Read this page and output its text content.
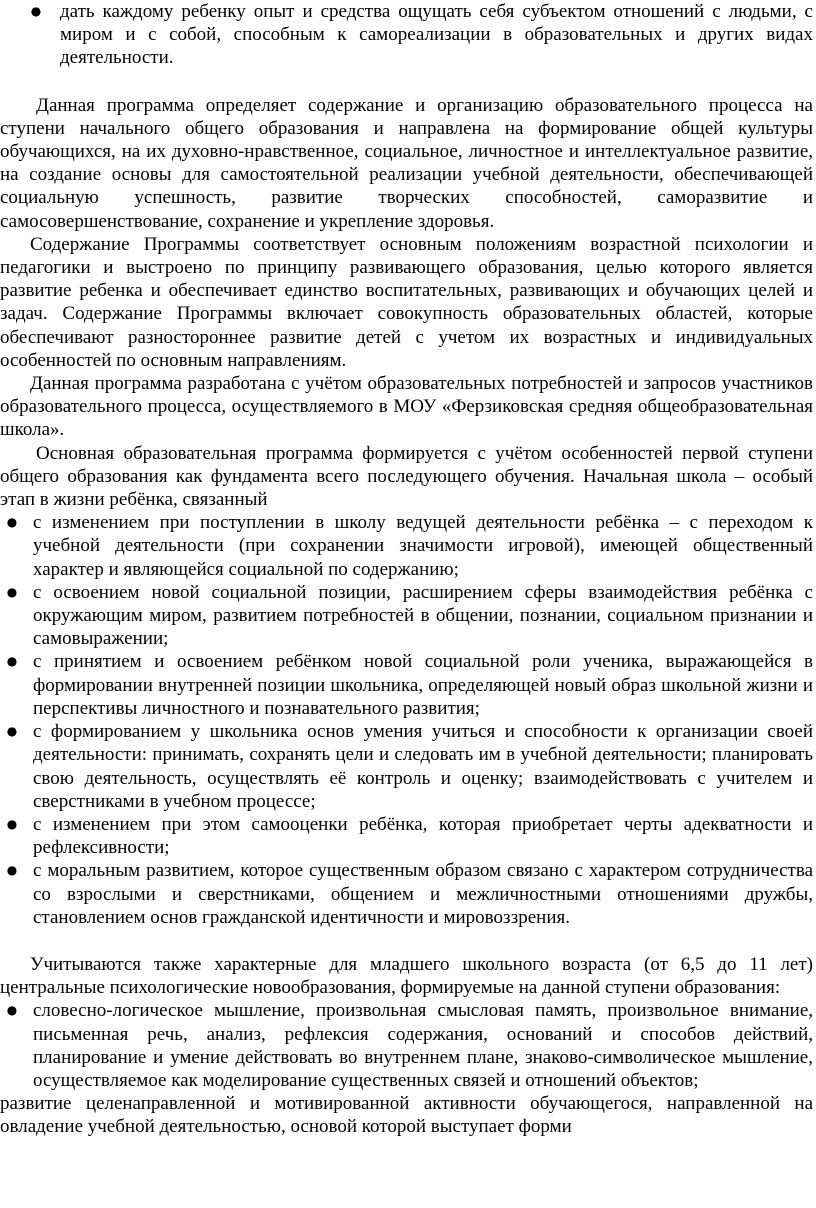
● дать каждому ребенку опыт и средства ощущать себя субъектом отношений с людьми, с миром и с собой, способным к самореализации в образовательных и других видах деятельности.

Данная программа определяет содержание и организацию образовательного процесса на ступени начального общего образования и направлена на формирование общей культуры обучающихся, на их духовно-нравственное, социальное, личностное и интеллектуальное развитие, на создание основы для самостоятельной реализации учебной деятельности, обеспечивающей социальную успешность, развитие творческих способностей, саморазвитие и самосовершенствование, сохранение и укрепление здоровья.

Содержание Программы соответствует основным положениям возрастной психологии и педагогики и выстроено по принципу развивающего образования, целью которого является развитие ребенка и обеспечивает единство воспитательных, развивающих и обучающих целей и задач. Содержание Программы включает совокупность образовательных областей, которые обеспечивают разностороннее развитие детей с учетом их возрастных и индивидуальных особенностей по основным направлениям.

Данная программа разработана с учётом образовательных потребностей и запросов участников образовательного процесса, осуществляемого в МОУ «Ферзиковская средняя общеобразовательная школа».

Основная образовательная программа формируется с учётом особенностей первой ступени общего образования как фундамента всего последующего обучения. Начальная школа – особый этап в жизни ребёнка, связанный

● с изменением при поступлении в школу ведущей деятельности ребёнка – с переходом к учебной деятельности (при сохранении значимости игровой), имеющей общественный характер и являющейся социальной по содержанию;
● с освоением новой социальной позиции, расширением сферы взаимодействия ребёнка с окружающим миром, развитием потребностей в общении, познании, социальном признании и самовыражении;
● с принятием и освоением ребёнком новой социальной роли ученика, выражающейся в формировании внутренней позиции школьника, определяющей новый образ школьной жизни и перспективы личностного и познавательного развития;
● с формированием у школьника основ умения учиться и способности к организации своей деятельности: принимать, сохранять цели и следовать им в учебной деятельности; планировать свою деятельность, осуществлять её контроль и оценку; взаимодействовать с учителем и сверстниками в учебном процессе;
● с изменением при этом самооценки ребёнка, которая приобретает черты адекватности и рефлексивности;
● с моральным развитием, которое существенным образом связано с характером сотрудничества со взрослыми и сверстниками, общением и межличностными отношениями дружбы, становлением основ гражданской идентичности и мировоззрения.

Учитываются также характерные для младшего школьного возраста (от 6,5 до 11 лет) центральные психологические новообразования, формируемые на данной ступени образования:

● словесно-логическое мышление, произвольная смысловая память, произвольное внимание, письменная речь, анализ, рефлексия содержания, оснований и способов действий, планирование и умение действовать во внутреннем плане, знаково-символическое мышление, осуществляемое как моделирование существенных связей и отношений объектов;

развитие целенаправленной и мотивированной активности обучающегося, направленной на овладение учебной деятельностью, основой которой выступает форми
